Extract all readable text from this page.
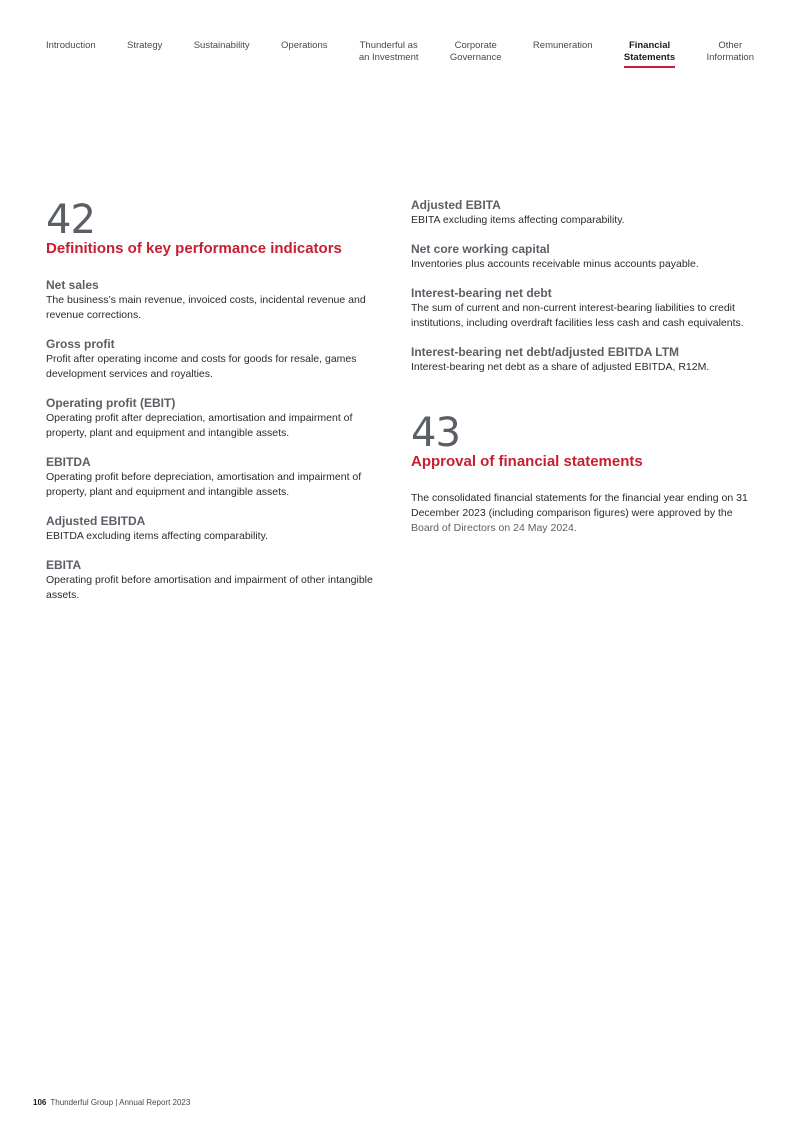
Introduction	Strategy	Sustainability	Operations	Thunderful as
an Investment
Corporate
Governance
Remuneration	Financial
Statements
Other
Information
42
Definitions of key performance indicators
Net sales
The business’s main revenue, invoiced costs, incidental revenue and revenue corrections.
Gross profit
Profit after operating income and costs for goods for resale, games development services and royalties.
Operating profit (EBIT)
Operating profit after depreciation, amortisation and impairment of property, plant and equipment and intangible assets.
EBITDA
Operating profit before depreciation, amortisation and impairment of property, plant and equipment and intangible assets.
Adjusted EBITDA
EBITDA excluding items affecting comparability.
EBITA
Operating profit before amortisation and impairment of other intangible assets.
Adjusted EBITA
EBITA excluding items affecting comparability.
Net core working capital
Inventories plus accounts receivable minus accounts payable.
Interest-bearing net debt
The sum of current and non-current interest-bearing liabilities to credit institutions, including overdraft facilities less cash and cash equivalents.
Interest-bearing net debt/adjusted EBITDA LTM
Interest-bearing net debt as a share of adjusted EBITDA, R12M.
43
Approval of financial statements

The consolidated financial statements for the financial year ending on 31 December 2023 (including comparison figures) were approved by the Board of Directors on 24 May 2024.

106 Thunderful Group | Annual Report 2023
